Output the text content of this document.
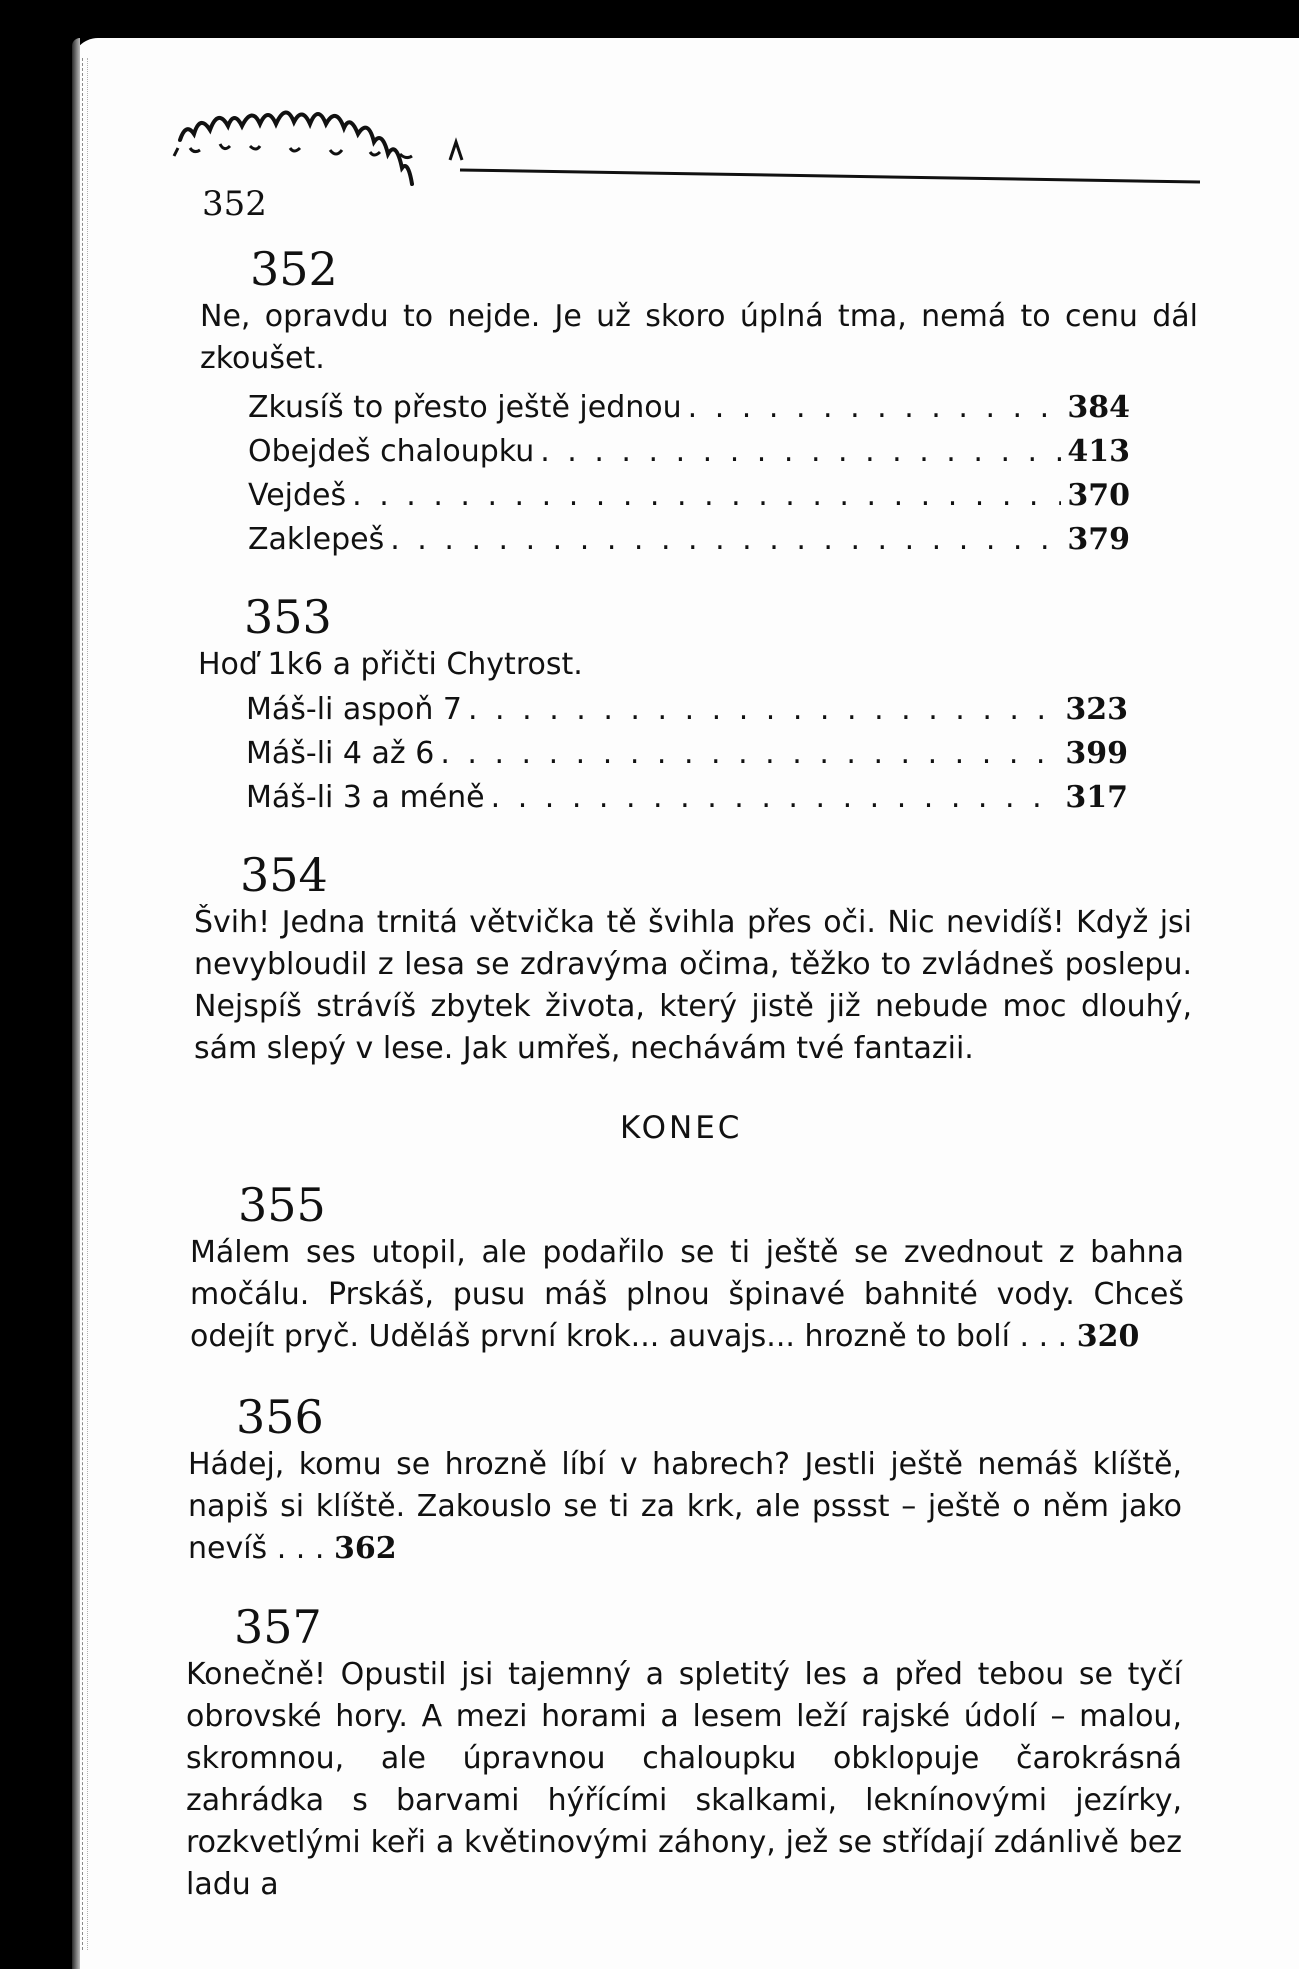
352
352

Ne, opravdu to nejde. Je už skoro úplná tma, nemá to cenu dál zkoušet.

Zkusíš to přesto ještě jednou . . .	384
Obejdeš chaloupku . . .	413
Vejdeš . . .	370
Zaklepeš . . .	379
353

Hoď 1k6 a přičti Chytrost.

Máš-li aspoň 7 . . .	323
Máš-li 4 až 6 . . .	399
Máš-li 3 a méně . . .	317
354

Švih! Jedna trnitá větvička tě švihla přes oči. Nic nevidíš! Když jsi nevybloudil z lesa se zdravýma očima, těžko to zvládneš poslepu. Nejspíš strávíš zbytek života, který jistě již nebude moc dlouhý, sám slepý v lese. Jak umřeš, nechávám tvé fantazii.

KONEC
355

Málem ses utopil, ale podařilo se ti ještě se zvednout z bahna močálu. Prskáš, pusu máš plnou špinavé bahnité vody. Chceš odejít pryč. Uděláš první krok... auvajs... hrozně to bolí . . . 320

356

Hádej, komu se hrozně líbí v habrech? Jestli ještě nemáš klíště, napiš si klíště. Zakouslo se ti za krk, ale pssst – ještě o něm jako nevíš . . . 362

357

Konečně! Opustil jsi tajemný a spletitý les a před tebou se tyčí obrovské hory. A mezi horami a lesem leží rajské údolí – malou, skromnou, ale úpravnou chaloupku obklopuje čarokrásná zahrádka s barvami hýřícími skalkami, leknínovými jezírky, rozkvetlými keři a květinovými záhony, jež se střídají zdánlivě bez ladu a
